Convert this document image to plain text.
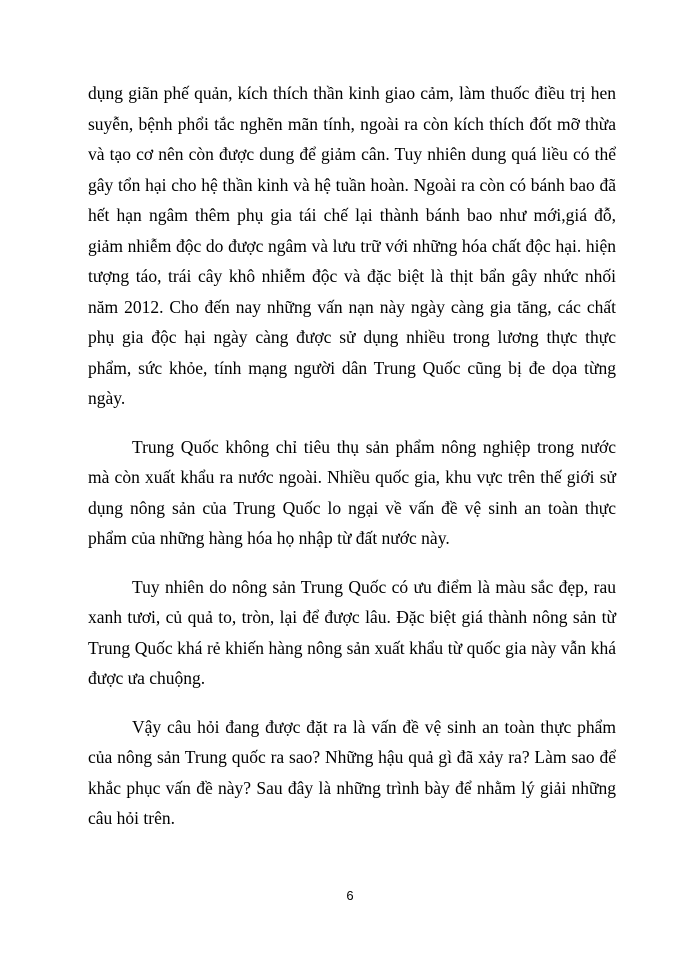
dụng giãn phế quản, kích thích thần kinh giao cảm, làm thuốc điều trị hen suyễn, bệnh phổi tắc nghẽn mãn tính, ngoài ra còn kích thích đốt mỡ thừa và tạo cơ nên còn được dung để giảm cân. Tuy nhiên dung quá liều có thể gây tổn hại cho hệ thần kinh và hệ tuần hoàn. Ngoài ra còn có bánh bao đã hết hạn ngâm thêm phụ gia tái chế lại thành bánh bao như mới,giá đỗ, giảm nhiễm độc do được ngâm và lưu trữ với những hóa chất độc hại. hiện tượng táo, trái cây khô nhiễm độc và đặc biệt là thịt bẩn gây nhức nhối năm 2012. Cho đến nay những vấn nạn này ngày càng gia tăng, các chất phụ gia độc hại ngày càng được sử dụng nhiều trong lương thực thực phẩm, sức khỏe, tính mạng người dân Trung Quốc cũng bị đe dọa từng ngày.

Trung Quốc không chỉ tiêu thụ sản phẩm nông nghiệp trong nước mà còn xuất khẩu ra nước ngoài. Nhiều quốc gia, khu vực trên thế giới sử dụng nông sản của Trung Quốc lo ngại về vấn đề vệ sinh an toàn thực phẩm của những hàng hóa họ nhập từ đất nước này.

Tuy nhiên do nông sản Trung Quốc có ưu điểm là màu sắc đẹp, rau xanh tươi, củ quả to, tròn, lại để được lâu. Đặc biệt giá thành nông sản từ Trung Quốc khá rẻ khiến hàng nông sản xuất khẩu từ quốc gia này vẫn khá được ưa chuộng.

Vậy câu hỏi đang được đặt ra là vấn đề vệ sinh an toàn thực phẩm của nông sản Trung quốc ra sao? Những hậu quả gì đã xảy ra? Làm sao để khắc phục vấn đề này? Sau đây là những trình bày để nhằm lý giải những câu hỏi trên.

6
